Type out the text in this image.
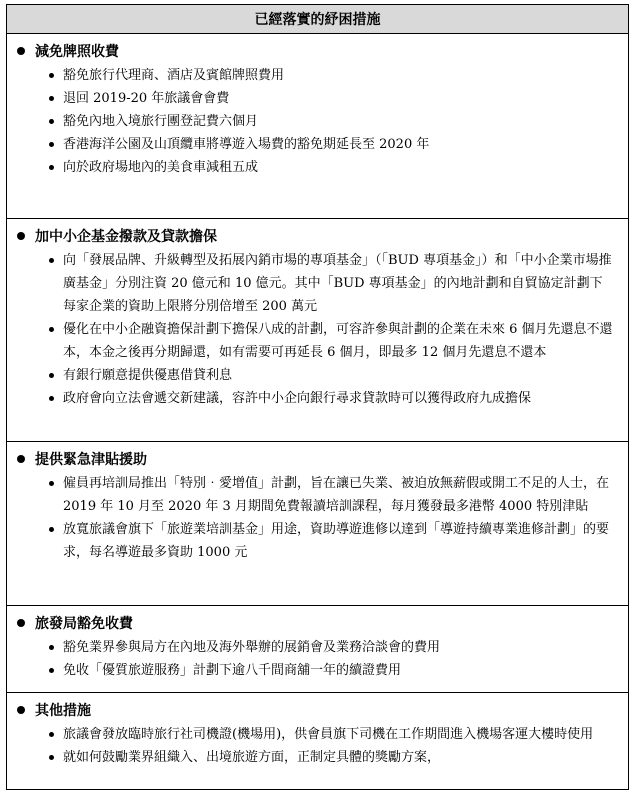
已經落實的紓困措施
減免牌照收費
豁免旅行代理商、酒店及賓館牌照費用
退回 2019-20 年旅議會會費
豁免內地入境旅行團登記費六個月
香港海洋公園及山頂纜車將導遊入場費的豁免期延長至 2020 年
向於政府場地內的美食車減租五成
加中小企基金撥款及貸款擔保
向「發展品牌、升級轉型及拓展內銷市場的專項基金」（「BUD 專項基金」）和「中小企業市場推廣基金」分別注資 20 億元和 10 億元。其中「BUD 專項基金」的內地計劃和自貿協定計劃下每家企業的資助上限將分別倍增至 200 萬元
優化在中小企融資擔保計劃下擔保八成的計劃，可容許參與計劃的企業在未來 6 個月先還息不還本，本金之後再分期歸還，如有需要可再延長 6 個月，即最多 12 個月先還息不還本
有銀行願意提供優惠借貸利息
政府會向立法會遞交新建議，容許中小企向銀行尋求貸款時可以獲得政府九成擔保
提供緊急津貼援助
僱員再培訓局推出「特別‧愛增值」計劃，旨在讓已失業、被迫放無薪假或開工不足的人士，在 2019 年 10 月至 2020 年 3 月期間免費報讀培訓課程，每月獲發最多港幣 4000 特別津貼
放寬旅議會旗下「旅遊業培訓基金」用途，資助導遊進修以達到「導遊持續專業進修計劃」的要求，每名導遊最多資助 1000 元
旅發局豁免收費
豁免業界參與局方在內地及海外舉辦的展銷會及業務洽談會的費用
免收「優質旅遊服務」計劃下逾八千間商舖一年的續證費用
其他措施
旅議會發放臨時旅行社司機證(機場用)，供會員旗下司機在工作期間進入機場客運大樓時使用
就如何鼓勵業界組織入、出境旅遊方面，正制定具體的獎勵方案，
